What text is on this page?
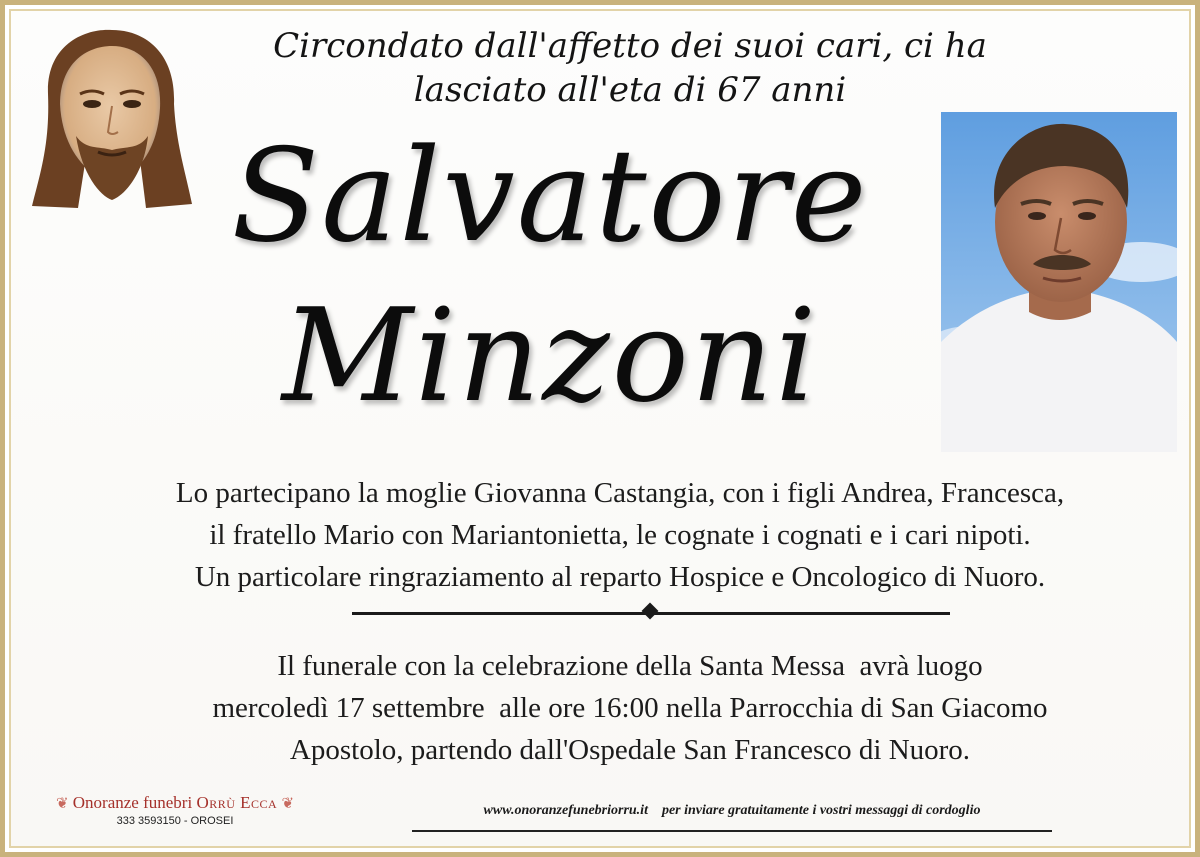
Circondato dall'affetto dei suoi cari, ci ha
lasciato all'eta di 67 anni
Salvatore
Minzoni
Lo partecipano la moglie Giovanna Castangia, con i figli Andrea, Francesca,
il fratello Mario con Mariantonietta, le cognate i cognati e i cari nipoti.
Un particolare ringraziamento al reparto Hospice e Oncologico di Nuoro.
Il funerale con la celebrazione della Santa Messa  avrà luogo
mercoledì 17 settembre  alle ore 16:00 nella Parrocchia di San Giacomo
Apostolo, partendo dall'Ospedale San Francesco di Nuoro.
❦ Onoranze funebri Orrù Ecca ❦
333 3593150 - OROSEI
www.onoranzefunebriorru.it    per inviare gratuitamente i vostri messaggi di cordoglio
